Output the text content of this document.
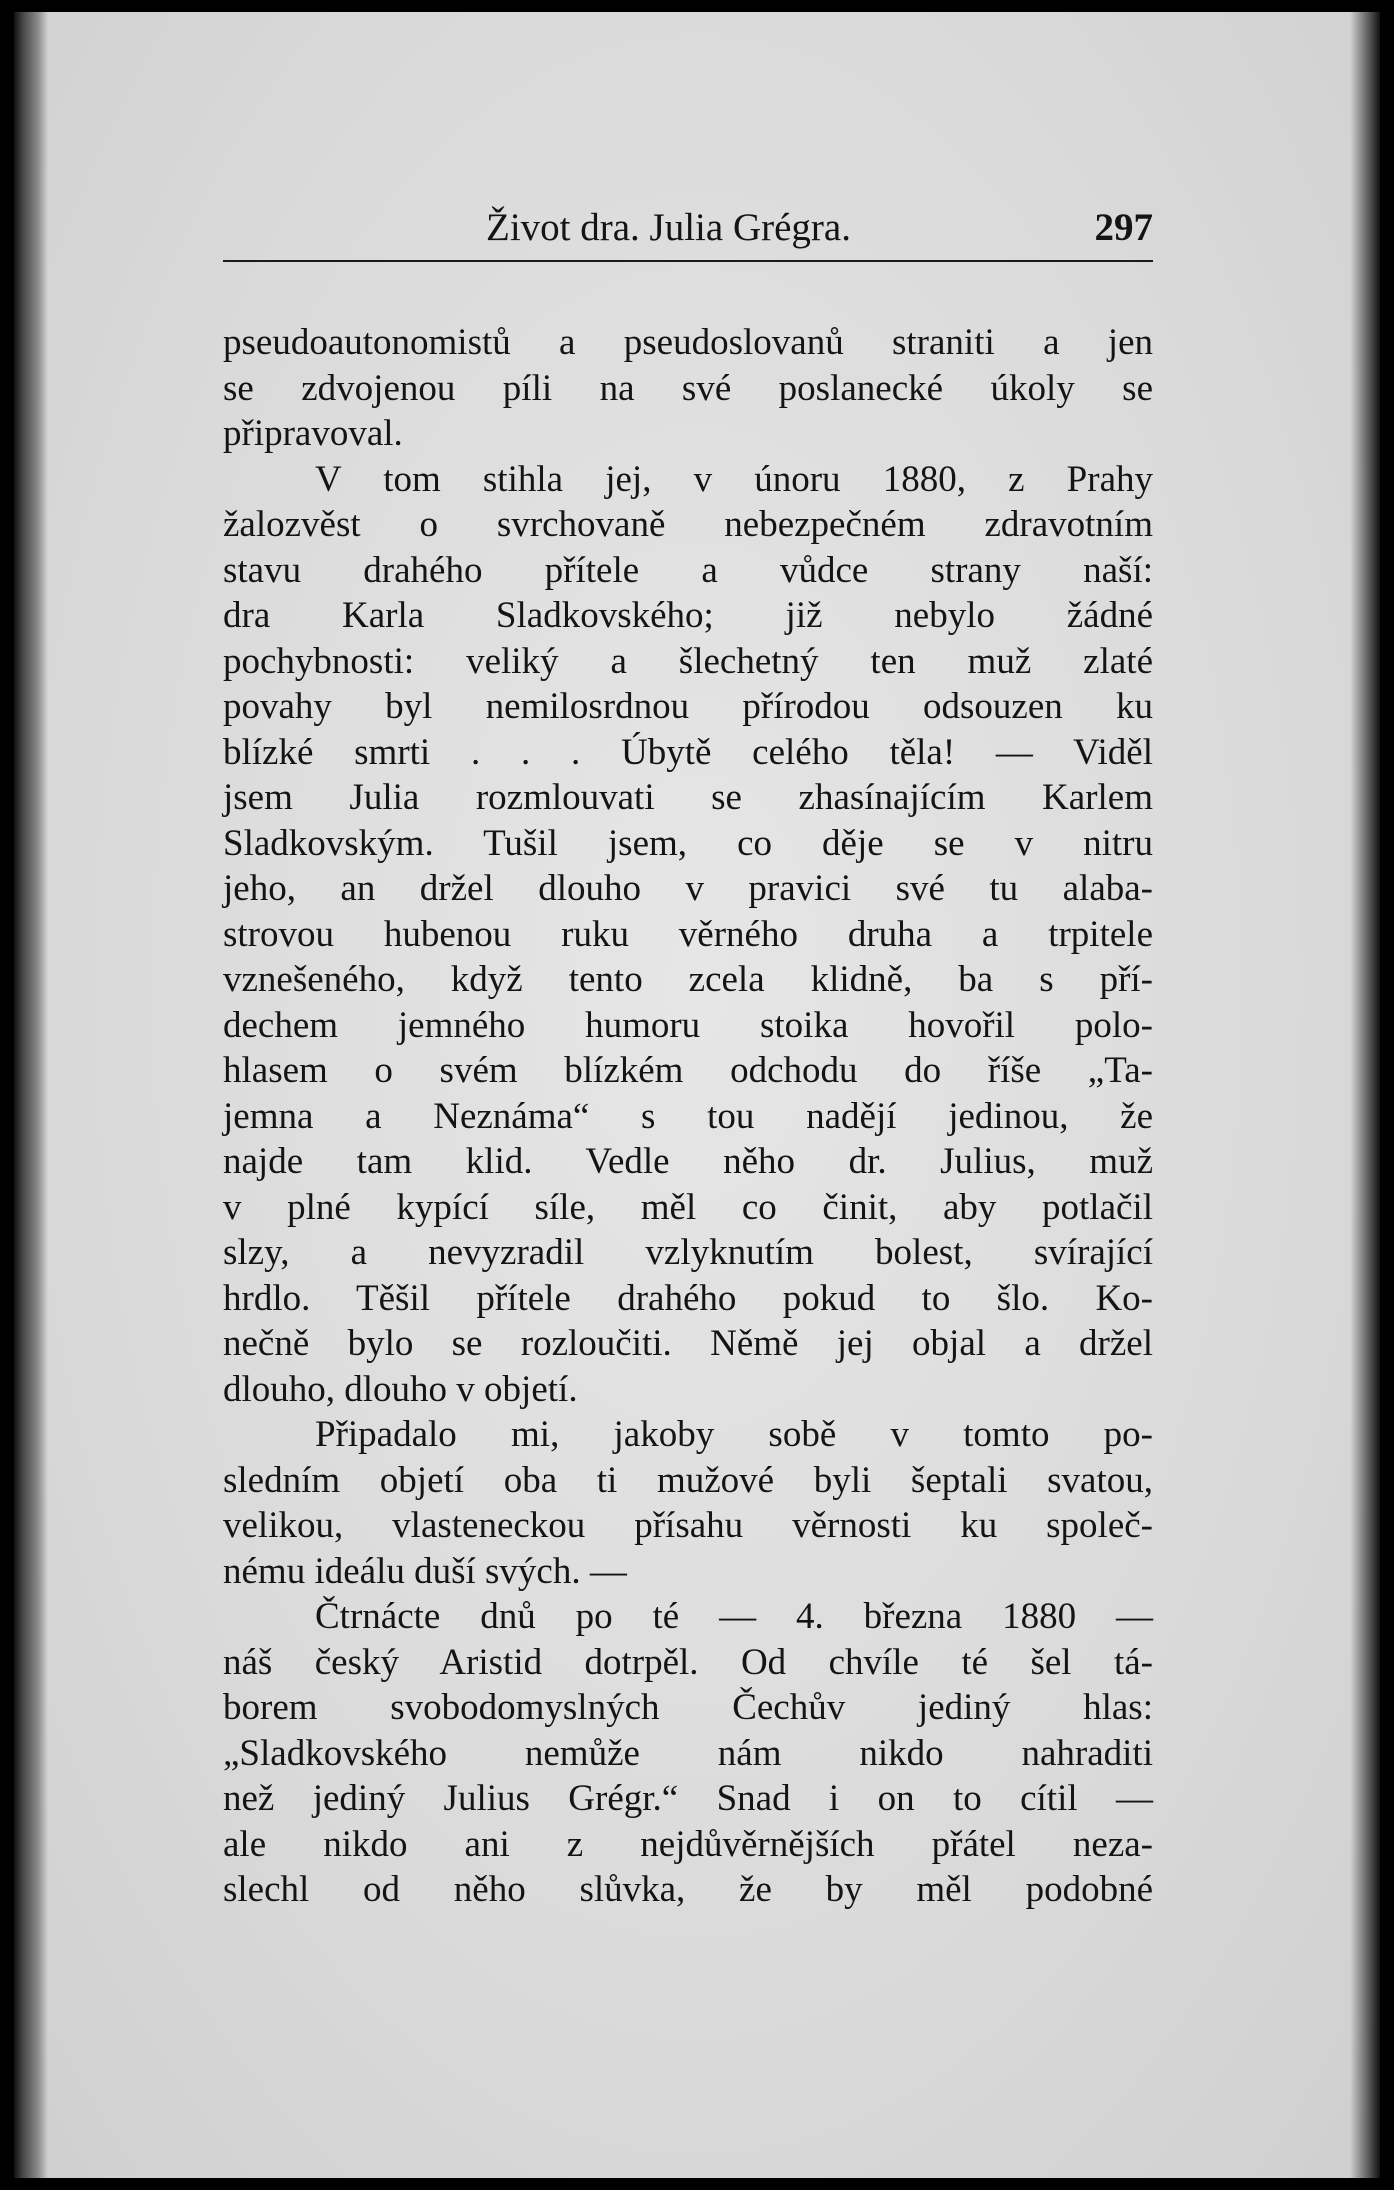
Život dra. Julia Grégra.	297
pseudoautonomistů a pseudoslovanů straniti a jen
se zdvojenou píli na své poslanecké úkoly se
připravoval.
V tom stihla jej, v únoru 1880, z Prahy
žalozvěst o svrchovaně nebezpečném zdravotním
stavu drahého přítele a vůdce strany naší:
dra Karla Sladkovského; již nebylo žádné
pochybnosti: veliký a šlechetný ten muž zlaté
povahy byl nemilosrdnou přírodou odsouzen ku
blízké smrti . . . Úbytě celého těla! — Viděl
jsem Julia rozmlouvati se zhasínajícím Karlem
Sladkovským. Tušil jsem, co děje se v nitru
jeho, an držel dlouho v pravici své tu alaba-
strovou hubenou ruku věrného druha a trpitele
vznešeného, když tento zcela klidně, ba s pří-
dechem jemného humoru stoika hovořil polo-
hlasem o svém blízkém odchodu do říše „Ta-
jemna a Neznáma“ s tou nadějí jedinou, že
najde tam klid. Vedle něho dr. Julius, muž
v plné kypící síle, měl co činit, aby potlačil
slzy, a nevyzradil vzlyknutím bolest, svírající
hrdlo. Těšil přítele drahého pokud to šlo. Ko-
nečně bylo se rozloučiti. Němě jej objal a držel
dlouho, dlouho v objetí.
Připadalo mi, jakoby sobě v tomto po-
sledním objetí oba ti mužové byli šeptali svatou,
velikou, vlasteneckou přísahu věrnosti ku společ-
nému ideálu duší svých. —
Čtrnácte dnů po té — 4. března 1880 —
náš český Aristid dotrpěl. Od chvíle té šel tá-
borem svobodomyslných Čechův jediný hlas:
„Sladkovského nemůže nám nikdo nahraditi
než jediný Julius Grégr.“ Snad i on to cítil —
ale nikdo ani z nejdůvěrnějších přátel neza-
slechl od něho slůvka, že by měl podobné
